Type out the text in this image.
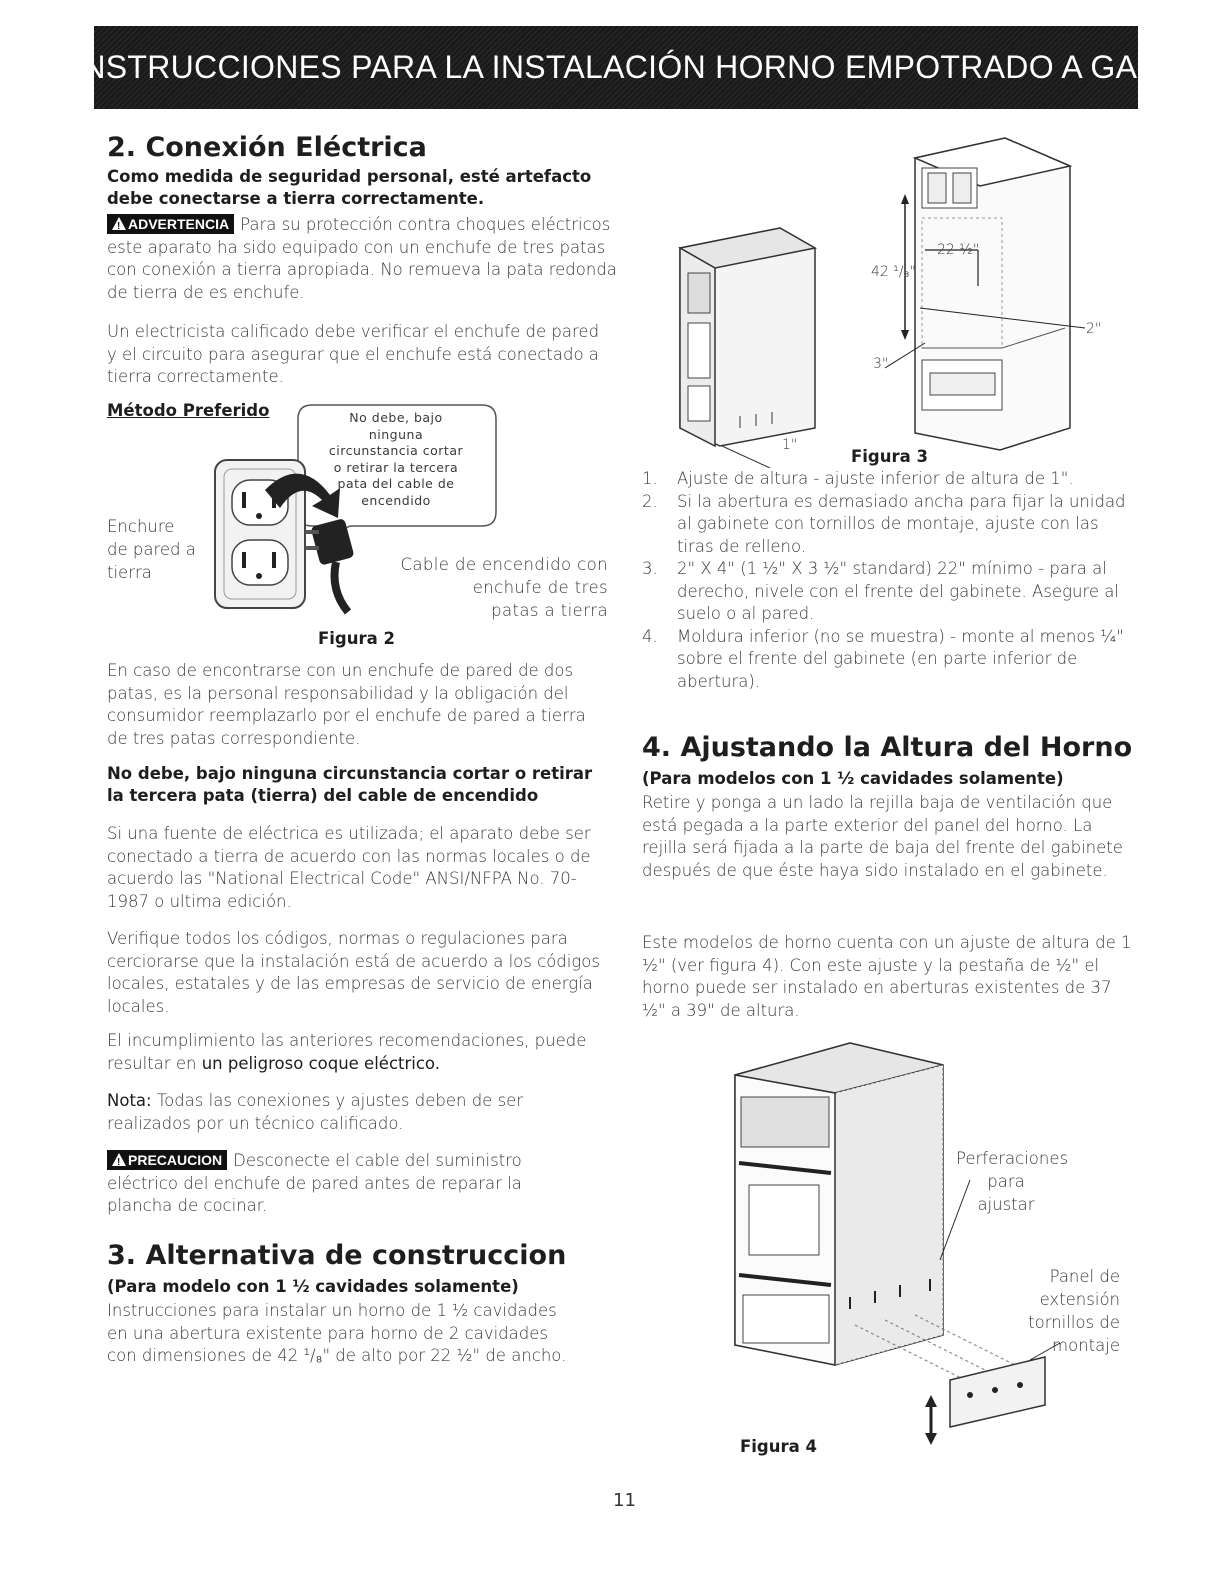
INSTRUCCIONES PARA LA INSTALACIÓN HORNO EMPOTRADO A GAS
2. Conexión Eléctrica
Como medida de seguridad personal, esté artefacto debe conectarse a tierra correctamente.
!ADVERTENCIA Para su protección contra choques eléctricos este aparato ha sido equipado con un enchufe de tres patas con conexión a tierra apropiada. No remueva la pata redonda de tierra de es enchufe.
Un electricista calificado debe verificar el enchufe de pared y el circuito para asegurar que el enchufe está conectado a tierra correctamente.
Método Preferido	No debe, bajo
ninguna
circunstancia cortar
o retirar la tercera
pata del cable de
encendido
Enchure
de pared a
tierra	Cable de encendido con
enchufe de tres
patas a tierra
Figura 2
En caso de encontrarse con un enchufe de pared de dos patas, es la personal responsabilidad y la obligación del consumidor reemplazarlo por el enchufe de pared a tierra de tres patas correspondiente.
No debe, bajo ninguna circunstancia cortar o retirar la tercera pata (tierra) del cable de encendido
Si una fuente de eléctrica es utilizada; el aparato debe ser conectado a tierra de acuerdo con las normas locales o de acuerdo las "National Electrical Code" ANSI/NFPA No. 70-1987 o ultima edición.
Verifique todos los códigos, normas o regulaciones para cerciorarse que la instalación está de acuerdo a los códigos locales, estatales y de las empresas de servicio de energía locales.
El incumplimiento las anteriores recomendaciones, puede resultar en un peligroso coque eléctrico.
Nota: Todas las conexiones y ajustes deben de ser realizados por un técnico calificado.
!PRECAUCION Desconecte el cable del suministro eléctrico del enchufe de pared antes de reparar la plancha de cocinar.
3. Alternativa de construccion
(Para modelo con 1 ½ cavidades solamente)
Instrucciones para instalar un horno de 1 ½ cavidades en una abertura existente para horno de 2 cavidades con dimensiones de 42 ¹/₈" de alto por 22 ½" de ancho.
42 ¹/₈"
22 ½"
2"
3"
1"
Figura 3
1. Ajuste de altura - ajuste inferior de altura de 1".
2. Si la abertura es demasiado ancha para fijar la unidad al gabinete con tornillos de montaje, ajuste con las tiras de relleno.
3. 2" X 4" (1 ½" X 3 ½" standard) 22" mínimo - para al derecho, nivele con el frente del gabinete. Asegure al suelo o al pared.
4. Moldura inferior (no se muestra) - monte al menos ¼" sobre el frente del gabinete (en parte inferior de abertura).
4. Ajustando la Altura del Horno
(Para modelos con 1 ½ cavidades solamente)
Retire y ponga a un lado la rejilla baja de ventilación que está pegada a la parte exterior del panel del horno. La rejilla será fijada a la parte de baja del frente del gabinete después de que éste haya sido instalado en el gabinete.
Este modelos de horno cuenta con un ajuste de altura de 1 ½" (ver figura 4). Con este ajuste y la pestaña de ½" el horno puede ser instalado en aberturas existentes de 37 ½" a 39" de altura.
Perferaciones
para
ajustar
Panel de
extensión
tornillos de
montaje
Figura 4
11
